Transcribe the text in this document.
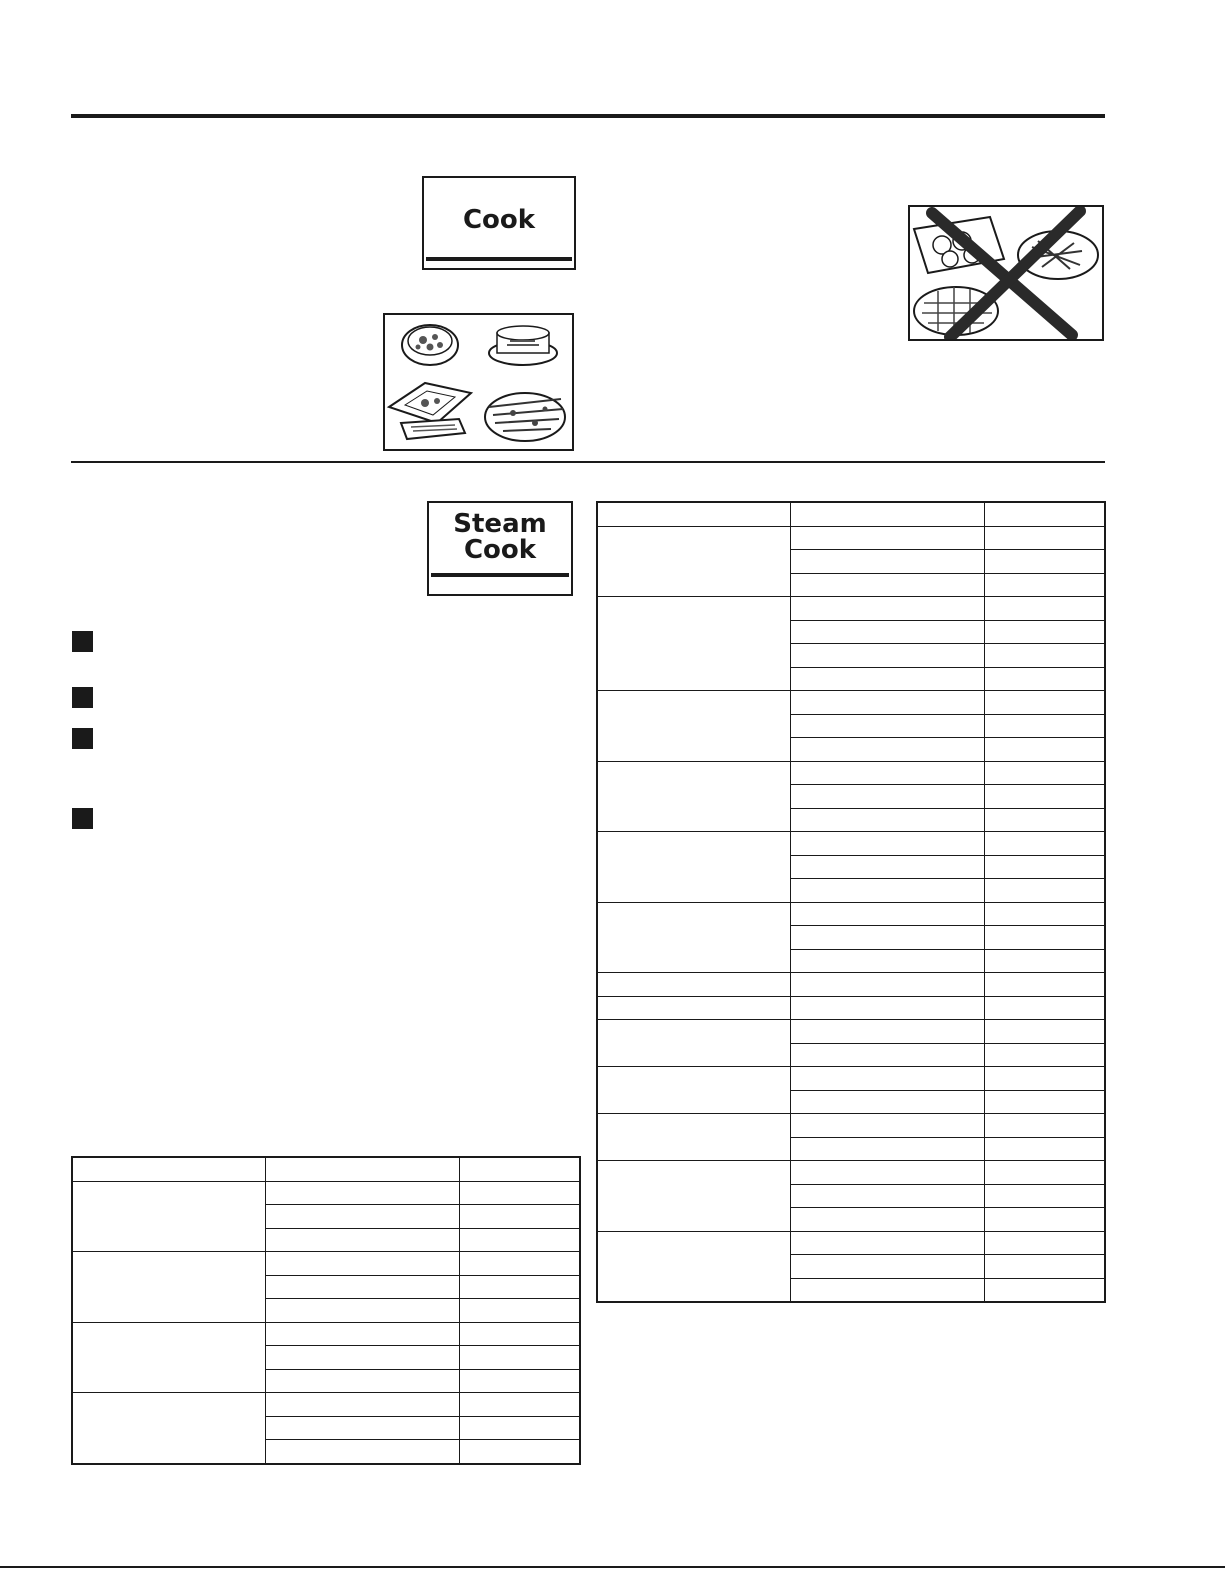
Cook
Steam
Cook
